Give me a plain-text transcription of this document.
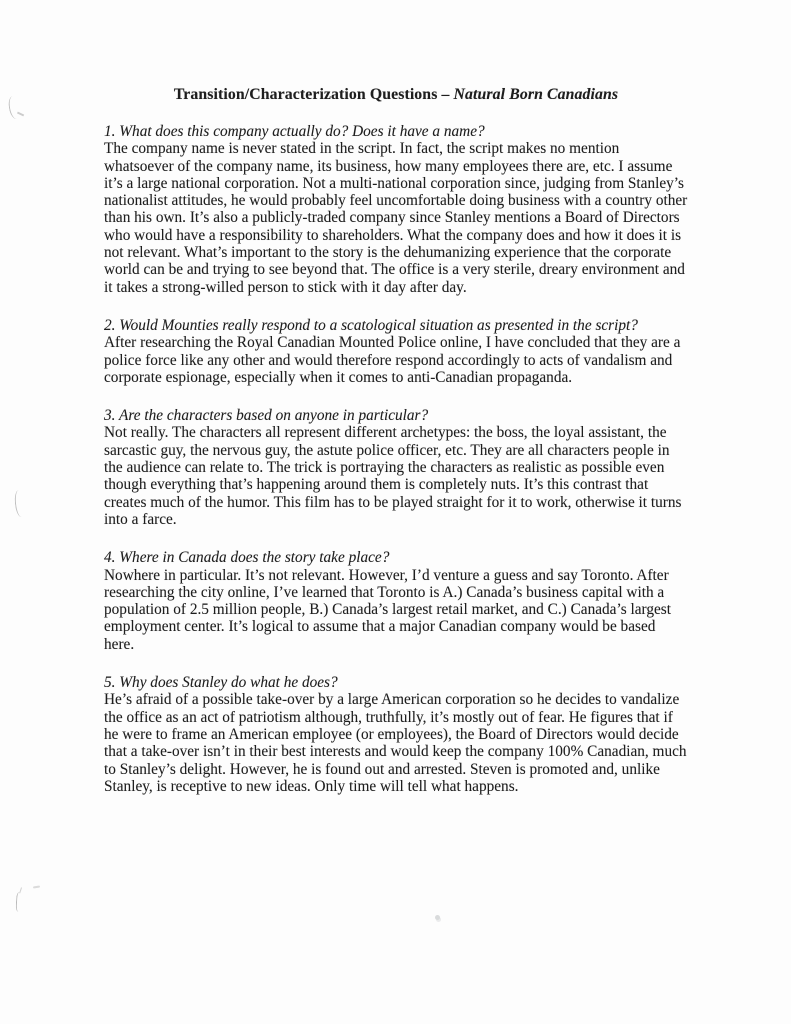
Transition/Characterization Questions – Natural Born Canadians

1. What does this company actually do? Does it have a name?

The company name is never stated in the script. In fact, the script makes no mention whatsoever of the company name, its business, how many employees there are, etc. I assume it’s a large national corporation. Not a multi-national corporation since, judging from Stanley’s nationalist attitudes, he would probably feel uncomfortable doing business with a country other than his own. It’s also a publicly-traded company since Stanley mentions a Board of Directors who would have a responsibility to shareholders. What the company does and how it does it is not relevant. What’s important to the story is the dehumanizing experience that the corporate world can be and trying to see beyond that. The office is a very sterile, dreary environment and it takes a strong-willed person to stick with it day after day.

2. Would Mounties really respond to a scatological situation as presented in the script?

After researching the Royal Canadian Mounted Police online, I have concluded that they are a police force like any other and would therefore respond accordingly to acts of vandalism and corporate espionage, especially when it comes to anti-Canadian propaganda.

3. Are the characters based on anyone in particular?

Not really. The characters all represent different archetypes: the boss, the loyal assistant, the sarcastic guy, the nervous guy, the astute police officer, etc. They are all characters people in the audience can relate to. The trick is portraying the characters as realistic as possible even though everything that’s happening around them is completely nuts. It’s this contrast that creates much of the humor. This film has to be played straight for it to work, otherwise it turns into a farce.

4. Where in Canada does the story take place?

Nowhere in particular. It’s not relevant. However, I’d venture a guess and say Toronto. After researching the city online, I’ve learned that Toronto is A.) Canada’s business capital with a population of 2.5 million people, B.) Canada’s largest retail market, and C.) Canada’s largest employment center. It’s logical to assume that a major Canadian company would be based here.

5. Why does Stanley do what he does?

He’s afraid of a possible take-over by a large American corporation so he decides to vandalize the office as an act of patriotism although, truthfully, it’s mostly out of fear. He figures that if he were to frame an American employee (or employees), the Board of Directors would decide that a take-over isn’t in their best interests and would keep the company 100% Canadian, much to Stanley’s delight. However, he is found out and arrested. Steven is promoted and, unlike Stanley, is receptive to new ideas. Only time will tell what happens.
